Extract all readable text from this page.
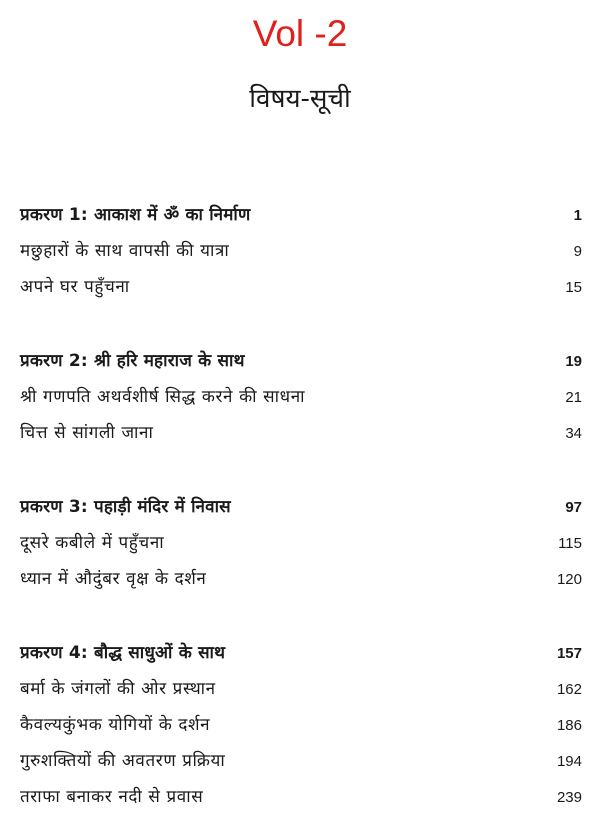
Vol -2
विषय-सूची
प्रकरण 1: आकाश में ॐ का निर्माण	1
मछुहारों के साथ वापसी की यात्रा	9
अपने घर पहुँचना	15
प्रकरण 2: श्री हरि महाराज के साथ	19
श्री गणपति अथर्वशीर्ष सिद्ध करने की साधना	21
चित्त से सांगली जाना	34
प्रकरण 3: पहाड़ी मंदिर में निवास	97
दूसरे कबीले में पहुँचना	115
ध्यान में औदुंबर वृक्ष के दर्शन	120
प्रकरण 4: बौद्ध साधुओं के साथ	157
बर्मा के जंगलों की ओर प्रस्थान	162
कैवल्यकुंभक योगियों के दर्शन	186
गुरुशक्तियों की अवतरण प्रक्रिया	194
तराफा बनाकर नदी से प्रवास	239
